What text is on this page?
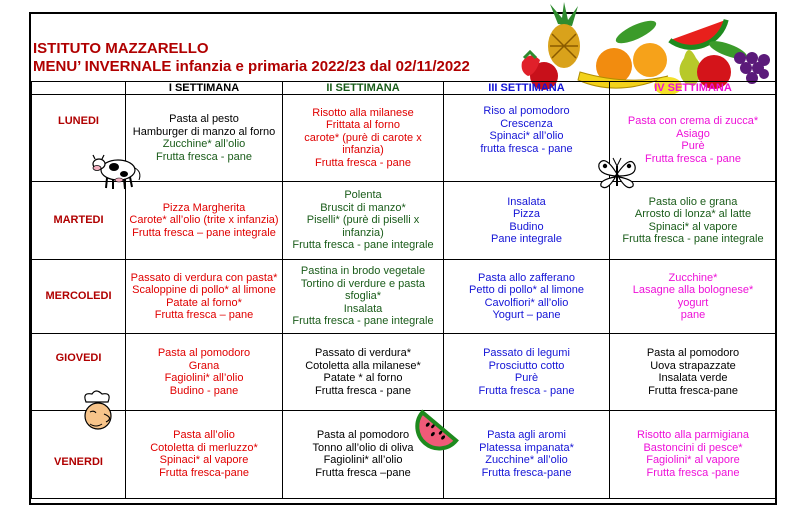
ISTITUTO MAZZARELLO
MENU’ INVERNALE infanzia e primaria 2022/23 dal 02/11/2022
	I SETTIMANA	II SETTIMANA	III SETTIMANA	IV SETTIMANA
LUNEDI	Pasta al pesto
Hamburger di manzo al forno
Zucchine* all’olio
Frutta fresca - pane	Risotto alla milanese
Frittata al forno
carote* (purè di carote x
infanzia)
Frutta fresca - pane	Riso al pomodoro
Crescenza
Spinaci* all’olio
frutta fresca - pane	Pasta con crema di zucca*
Asiago
Purè
Frutta fresca - pane

MARTEDI	Pizza Margherita
Carote* all’olio (trite x infanzia)
Frutta fresca – pane integrale	Polenta
Bruscit di manzo*
Piselli* (purè di piselli x
infanzia)
Frutta fresca - pane integrale	Insalata
Pizza
Budino
Pane integrale	Pasta olio e grana
Arrosto di lonza* al latte
Spinaci* al vapore
Frutta fresca - pane integrale

MERCOLEDI	Passato di verdura con pasta*
Scaloppine di pollo* al limone
Patate al forno*
Frutta fresca – pane	Pastina in brodo vegetale
Tortino di verdure e pasta
sfoglia*
Insalata
Frutta fresca - pane integrale	Pasta allo zafferano
Petto di pollo* al limone
Cavolfiori* all’olio
Yogurt – pane	Zucchine*
Lasagne alla bolognese*
yogurt
pane

GIOVEDI	Pasta al pomodoro
Grana
Fagiolini* all’olio
Budino - pane	Passato di verdura*
Cotoletta alla milanese*
Patate * al forno
Frutta fresca - pane	Passato di legumi
Prosciutto cotto
Purè
Frutta fresca - pane	Pasta al pomodoro
Uova strapazzate
Insalata verde
Frutta fresca-pane

VENERDI	Pasta all’olio
Cotoletta di merluzzo*
Spinaci* al vapore
Frutta fresca-pane	Pasta al pomodoro
Tonno all’olio di oliva
Fagiolini* all’olio
Frutta fresca –pane	Pasta agli aromi
Platessa impanata*
Zucchine* all’olio
Frutta fresca-pane	Risotto alla parmigiana
Bastoncini di pesce*
Fagiolini* al vapore
Frutta fresca -pane
